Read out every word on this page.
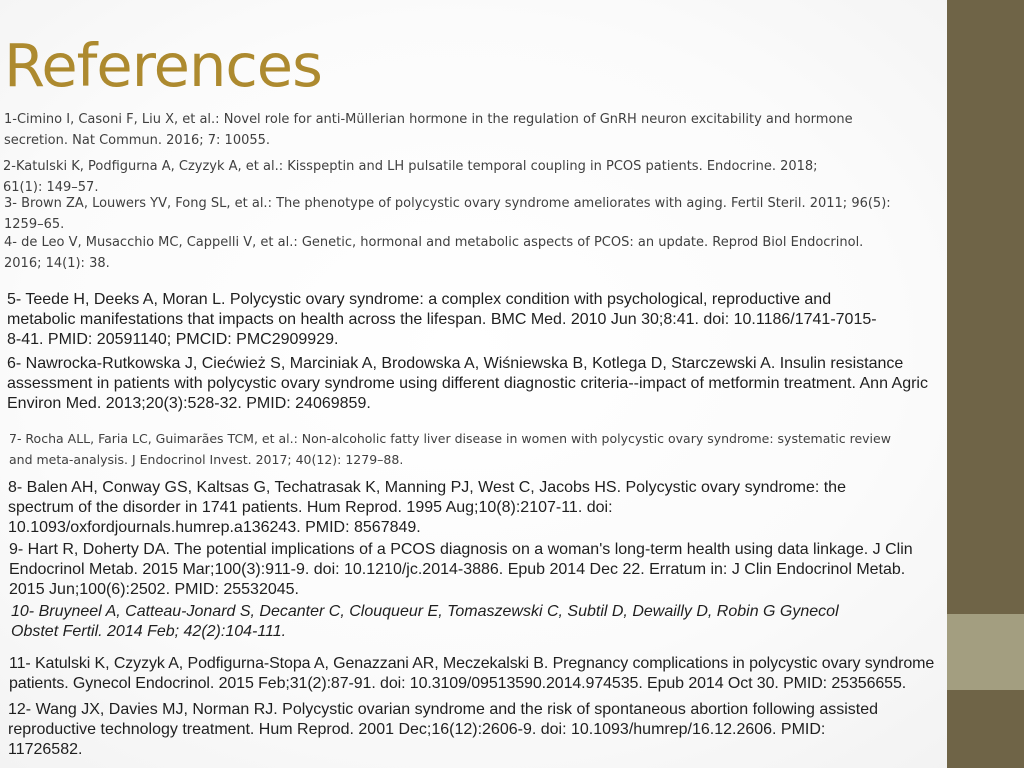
References

1-Cimino I, Casoni F, Liu X, et al.: Novel role for anti-Müllerian hormone in the regulation of GnRH neuron excitability and hormone
secretion. Nat Commun. 2016; 7: 10055.

2-Katulski K, Podfigurna A, Czyzyk A, et al.: Kisspeptin and LH pulsatile temporal coupling in PCOS patients. Endocrine. 2018;
61(1): 149–57.

3- Brown ZA, Louwers YV, Fong SL, et al.: The phenotype of polycystic ovary syndrome ameliorates with aging. Fertil Steril. 2011; 96(5):
1259–65.

4- de Leo V, Musacchio MC, Cappelli V, et al.: Genetic, hormonal and metabolic aspects of PCOS: an update. Reprod Biol Endocrinol.
2016; 14(1): 38.

5- Teede H, Deeks A, Moran L. Polycystic ovary syndrome: a complex condition with psychological, reproductive and
metabolic manifestations that impacts on health across the lifespan. BMC Med. 2010 Jun 30;8:41. doi: 10.1186/1741-7015-
8-41. PMID: 20591140; PMCID: PMC2909929.

6- Nawrocka-Rutkowska J, Ciećwież S, Marciniak A, Brodowska A, Wiśniewska B, Kotlega D, Starczewski A. Insulin resistance
assessment in patients with polycystic ovary syndrome using different diagnostic criteria--impact of metformin treatment. Ann Agric
Environ Med. 2013;20(3):528-32. PMID: 24069859.

7- Rocha ALL, Faria LC, Guimarães TCM, et al.: Non-alcoholic fatty liver disease in women with polycystic ovary syndrome: systematic review
and meta-analysis. J Endocrinol Invest. 2017; 40(12): 1279–88.

8- Balen AH, Conway GS, Kaltsas G, Techatrasak K, Manning PJ, West C, Jacobs HS. Polycystic ovary syndrome: the
spectrum of the disorder in 1741 patients. Hum Reprod. 1995 Aug;10(8):2107-11. doi:
10.1093/oxfordjournals.humrep.a136243. PMID: 8567849.

9- Hart R, Doherty DA. The potential implications of a PCOS diagnosis on a woman's long-term health using data linkage. J Clin
Endocrinol Metab. 2015 Mar;100(3):911-9. doi: 10.1210/jc.2014-3886. Epub 2014 Dec 22. Erratum in: J Clin Endocrinol Metab.
2015 Jun;100(6):2502. PMID: 25532045.

10- Bruyneel A, Catteau-Jonard S, Decanter C, Clouqueur E, Tomaszewski C, Subtil D, Dewailly D, Robin G Gynecol
Obstet Fertil. 2014 Feb; 42(2):104-111.

11- Katulski K, Czyzyk A, Podfigurna-Stopa A, Genazzani AR, Meczekalski B. Pregnancy complications in polycystic ovary syndrome
patients. Gynecol Endocrinol. 2015 Feb;31(2):87-91. doi: 10.3109/09513590.2014.974535. Epub 2014 Oct 30. PMID: 25356655.

12- Wang JX, Davies MJ, Norman RJ. Polycystic ovarian syndrome and the risk of spontaneous abortion following assisted
reproductive technology treatment. Hum Reprod. 2001 Dec;16(12):2606-9. doi: 10.1093/humrep/16.12.2606. PMID:
11726582.
